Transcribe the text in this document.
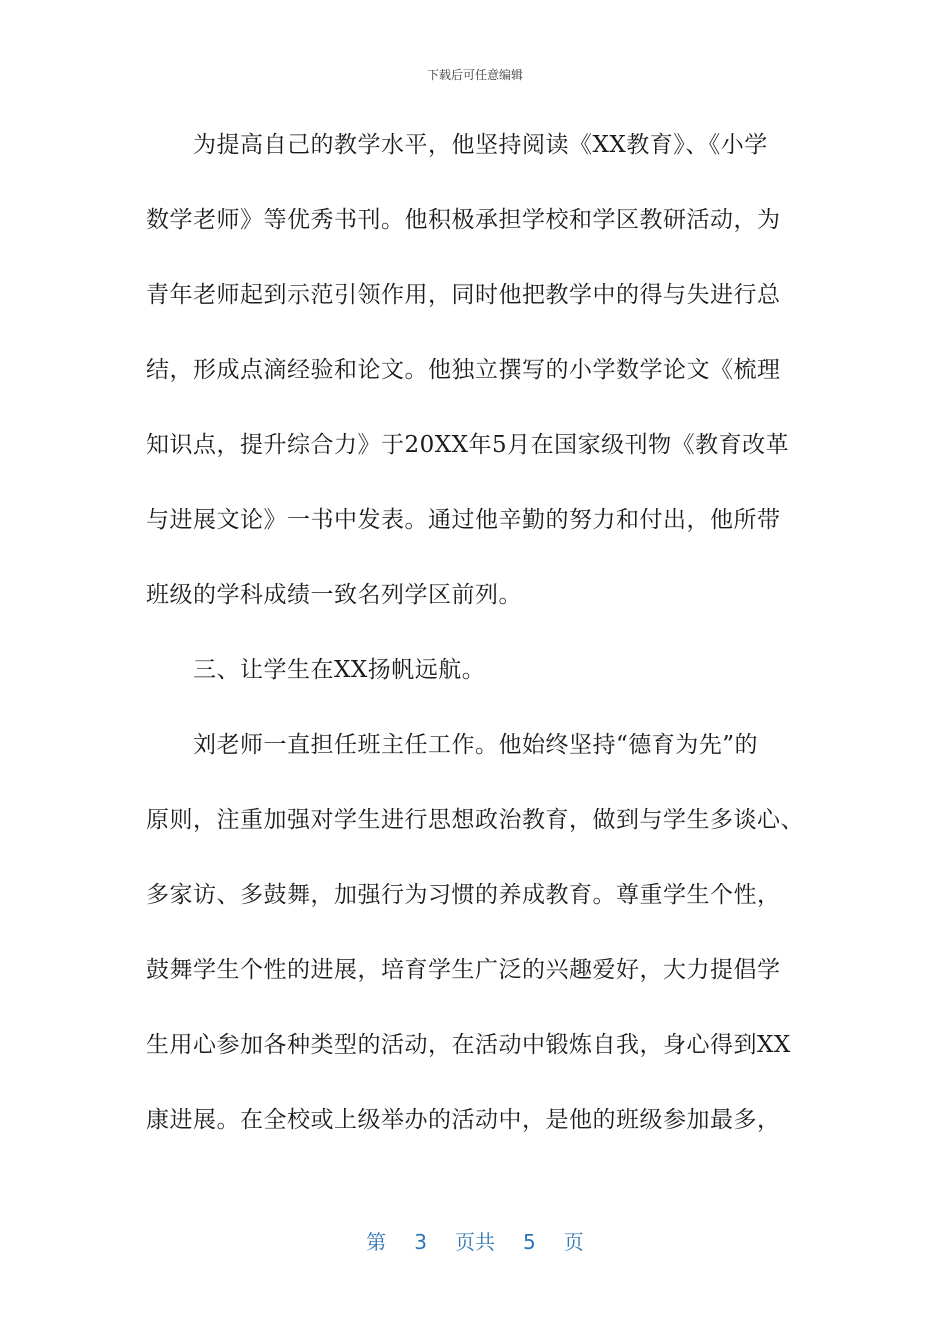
下载后可任意编辑
　　为提高自己的教学水平，他坚持阅读《XX教育》、《小学
数学老师》等优秀书刊。他积极承担学校和学区教研活动，为
青年老师起到示范引领作用，同时他把教学中的得与失进行总
结，形成点滴经验和论文。他独立撰写的小学数学论文《梳理
知识点，提升综合力》于20XX年5月在国家级刊物《教育改革
与进展文论》一书中发表。通过他辛勤的努力和付出，他所带
班级的学科成绩一致名列学区前列。
　　三、让学生在XX扬帆远航。
　　刘老师一直担任班主任工作。他始终坚持“德育为先”的
原则，注重加强对学生进行思想政治教育，做到与学生多谈心、
多家访、多鼓舞，加强行为习惯的养成教育。尊重学生个性，
鼓舞学生个性的进展，培育学生广泛的兴趣爱好，大力提倡学
生用心参加各种类型的活动，在活动中锻炼自我，身心得到XX
康进展。在全校或上级举办的活动中，是他的班级参加最多，
第 3 页共 5 页
